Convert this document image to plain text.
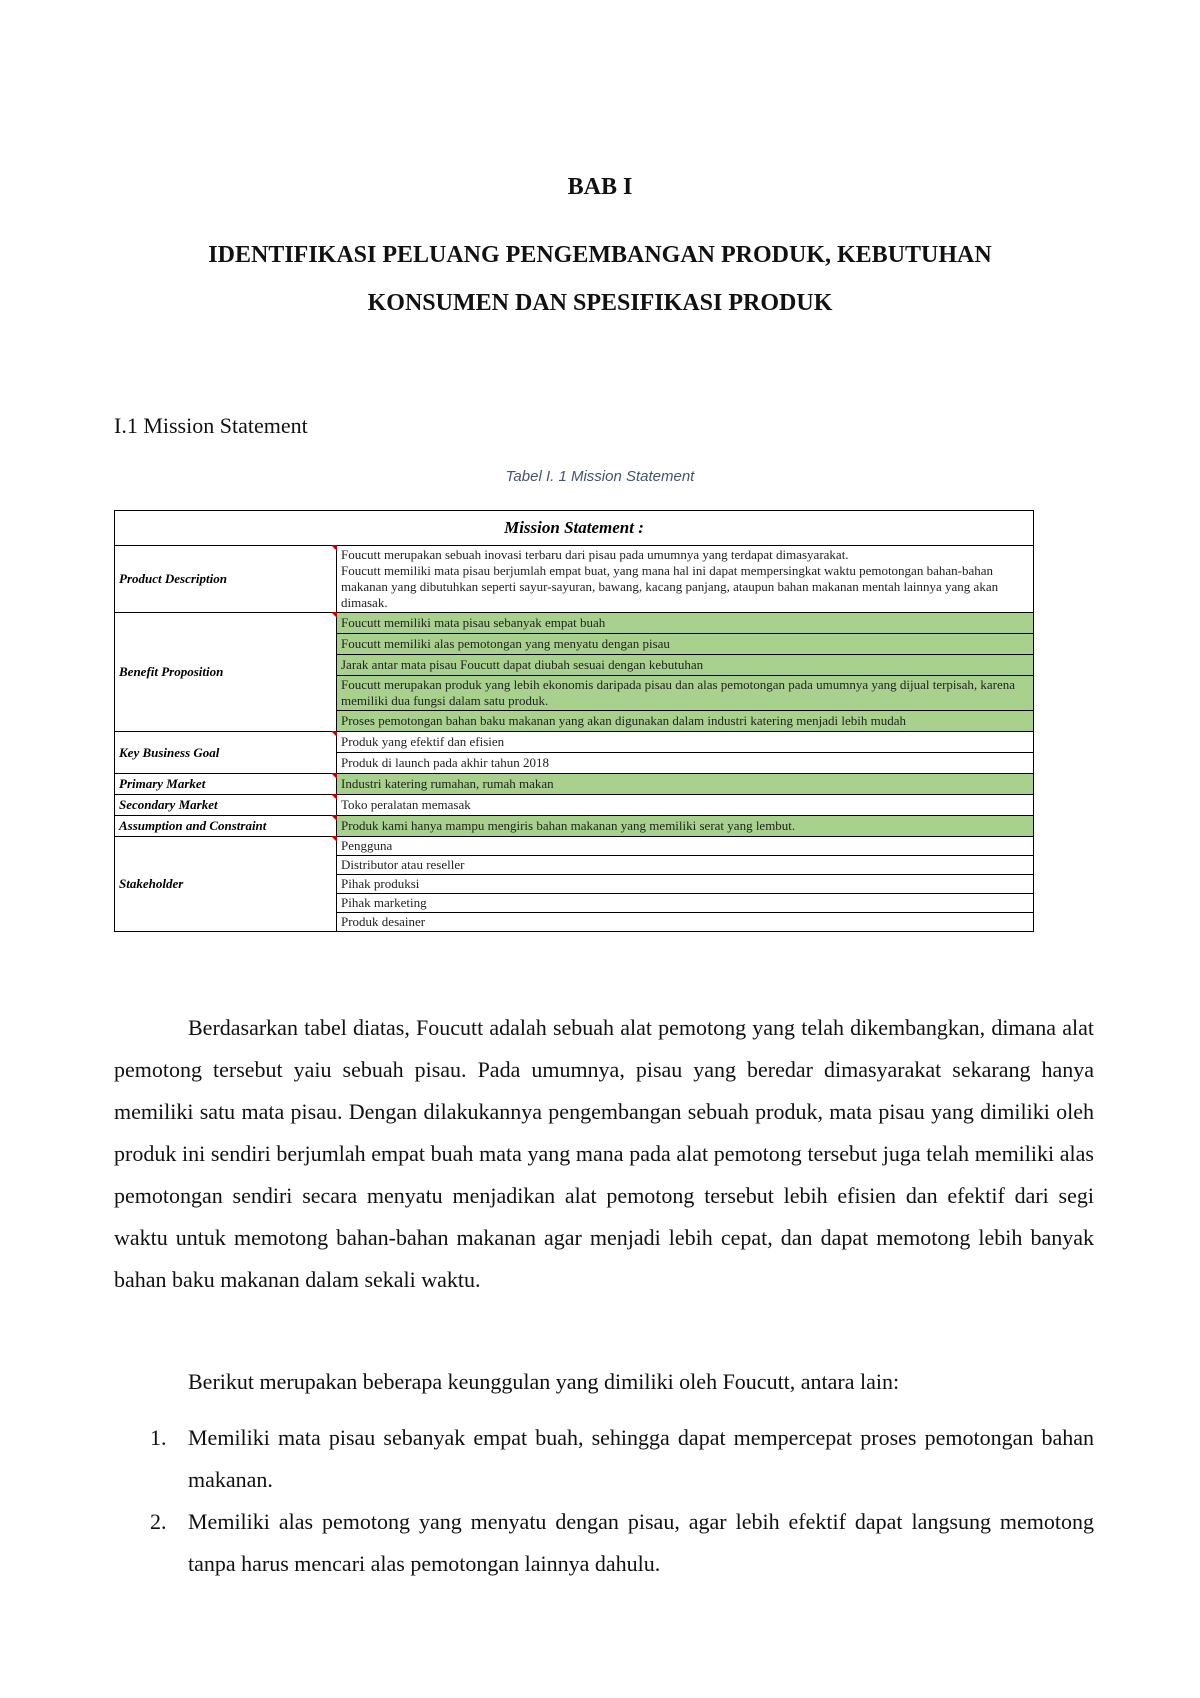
BAB I
IDENTIFIKASI PELUANG PENGEMBANGAN PRODUK, KEBUTUHAN
KONSUMEN DAN SPESIFIKASI PRODUK
I.1 Mission Statement
Tabel I. 1 Mission Statement
Mission Statement :	
Product Description	Foucutt merupakan sebuah inovasi terbaru dari pisau pada umumnya yang terdapat dimasyarakat.
Foucutt memiliki mata pisau berjumlah empat buat, yang mana hal ini dapat mempersingkat waktu pemotongan bahan-bahan makanan yang dibutuhkan seperti sayur-sayuran, bawang, kacang panjang, ataupun bahan makanan mentah lainnya yang akan dimasak.

Benefit Proposition	Foucutt memiliki mata pisau sebanyak empat buah
	Foucutt memiliki alas pemotongan yang menyatu dengan pisau
	Jarak antar mata pisau Foucutt dapat diubah sesuai dengan kebutuhan
	Foucutt merupakan produk yang lebih ekonomis daripada pisau dan alas pemotongan pada umumnya yang dijual terpisah, karena memiliki dua fungsi dalam satu produk.
	Proses pemotongan bahan baku makanan yang akan digunakan dalam industri katering menjadi lebih mudah
Key Business Goal	Produk yang efektif dan efisien
	Produk di launch pada akhir tahun 2018
Primary Market	Industri katering rumahan, rumah makan
Secondary Market	Toko peralatan memasak
Assumption and Constraint	Produk kami hanya mampu mengiris bahan makanan yang memiliki serat yang lembut.
Stakeholder	Pengguna
	Distributor atau reseller
	Pihak produksi
	Pihak marketing
	Produk desainer
Berdasarkan tabel diatas, Foucutt adalah sebuah alat pemotong yang telah dikembangkan, dimana alat pemotong tersebut yaiu sebuah pisau. Pada umumnya, pisau yang beredar dimasyarakat sekarang hanya memiliki satu mata pisau. Dengan dilakukannya pengembangan sebuah produk, mata pisau yang dimiliki oleh produk ini sendiri berjumlah empat buah mata yang mana pada alat pemotong tersebut juga telah memiliki alas pemotongan sendiri secara menyatu menjadikan alat pemotong tersebut lebih efisien dan efektif dari segi waktu untuk memotong bahan-bahan makanan agar menjadi lebih cepat, dan dapat memotong lebih banyak bahan baku makanan dalam sekali waktu.
Berikut merupakan beberapa keunggulan yang dimiliki oleh Foucutt, antara lain:
1. Memiliki mata pisau sebanyak empat buah, sehingga dapat mempercepat proses pemotongan bahan makanan.
2. Memiliki alas pemotong yang menyatu dengan pisau, agar lebih efektif dapat langsung memotong tanpa harus mencari alas pemotongan lainnya dahulu.
